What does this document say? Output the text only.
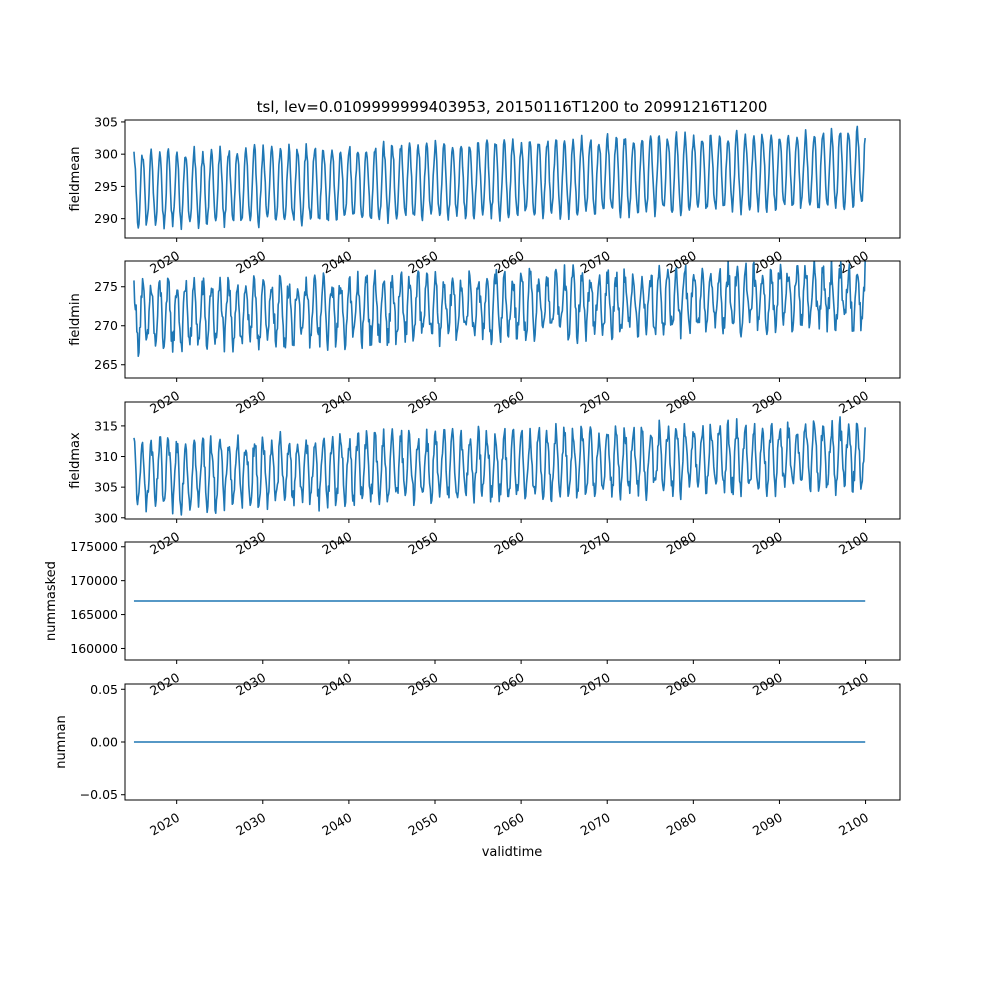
tsl, lev=0.0109999999403953, 20150116T1200 to 20991216T1200
290
295
300
305
2020	2030	2040	2050	2060	2070	2080	2090	2100
fieldmean
265
270
275
2020	2030	2040	2050	2060	2070	2080	2090	2100
fieldmin
300
305
310
315
2020	2030	2040	2050	2060	2070	2080	2090	2100
fieldmax
160000
165000
170000
175000
2020	2030	2040	2050	2060	2070	2080	2090	2100
nummasked
−0.05
0.00
0.05
2020	2030	2040	2050	2060	2070	2080	2090	2100
numnan
validtime
